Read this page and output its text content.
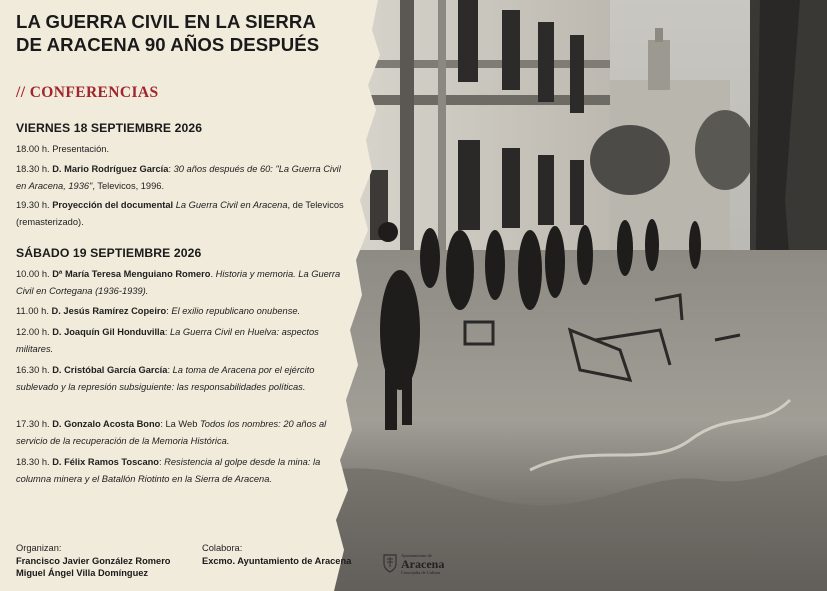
LA GUERRA CIVIL EN LA SIERRA
DE ARACENA 90 AÑOS DESPUÉS
// CONFERENCIAS
VIERNES 18 SEPTIEMBRE 2026
18.00 h. Presentación.
18.30 h. D. Mario Rodríguez García: 30 años después de 60: "La Guerra Civil en Aracena, 1936", Televicos, 1996.
19.30 h. Proyección del documental La Guerra Civil en Aracena, de Televicos (remasterizado).
SÁBADO 19 SEPTIEMBRE 2026
10.00 h. Dª María Teresa Menguiano Romero. Historia y memoria. La Guerra Civil en Cortegana (1936-1939).
11.00 h. D. Jesús Ramírez Copeiro: El exilio republicano onubense.
12.00 h. D. Joaquín Gil Honduvilla: La Guerra Civil en Huelva: aspectos militares.
16.30 h. D. Cristóbal García García: La toma de Aracena por el ejército sublevado y la represión subsiguiente: las responsabilidades políticas.
17.30 h. D. Gonzalo Acosta Bono: La Web Todos los nombres: 20 años al servicio de la recuperación de la Memoria Histórica.
18.30 h. D. Félix Ramos Toscano: Resistencia al golpe desde la mina: la columna minera y el Batallón Riotinto en la Sierra de Aracena.
Organizan:
Francisco Javier González Romero
Miguel Ángel Villa Domínguez
Colabora:
Excmo. Ayuntamiento de Aracena
Ayuntamiento de
Aracena
Concejalía de Cultura
